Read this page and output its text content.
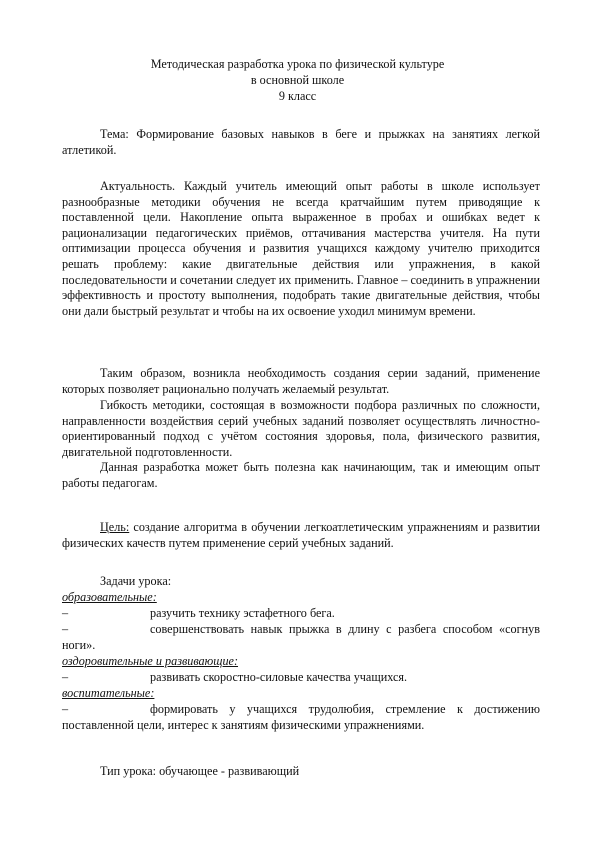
Методическая разработка урока по физической культуре
в основной школе
9 класс
Тема: Формирование базовых навыков в беге и прыжках на занятиях легкой атлетикой.
Актуальность. Каждый учитель имеющий опыт работы в школе использует разнообразные методики обучения не всегда кратчайшим путем приводящие к поставленной цели. Накопление опыта выраженное в пробах и ошибках ведет к рационализации педагогических приёмов, оттачивания мастерства учителя. На пути оптимизации процесса обучения и развития учащихся каждому учителю приходится решать проблему: какие двигательные действия или упражнения, в какой последовательности и сочетании следует их применить. Главное – соединить в упражнении эффективность и простоту выполнения, подобрать такие двигательные действия, чтобы они дали быстрый результат и чтобы на их освоение уходил минимум времени.
Таким образом, возникла необходимость создания серии заданий, применение которых позволяет рационально получать желаемый результат.
Гибкость методики, состоящая в возможности подбора различных по сложности, направленности воздействия серий учебных заданий позволяет осуществлять личностно-ориентированный подход с учётом состояния здоровья, пола, физического развития, двигательной подготовленности.
Данная разработка может быть полезна как начинающим, так и имеющим опыт работы педагогам.
Цель: создание алгоритма в обучении легкоатлетическим упражнениям и развитии физических качеств путем применение серий учебных заданий.
Задачи урока:
образовательные:
–	разучить технику эстафетного бега.
–	совершенствовать навык прыжка в длину с разбега способом «согнув ноги».
оздоровительные и развивающие:
–	развивать скоростно-силовые качества учащихся.
воспитательные:
–	формировать у учащихся трудолюбия, стремление к достижению поставленной цели, интерес к занятиям физическими упражнениями.
Тип урока: обучающее - развивающий
